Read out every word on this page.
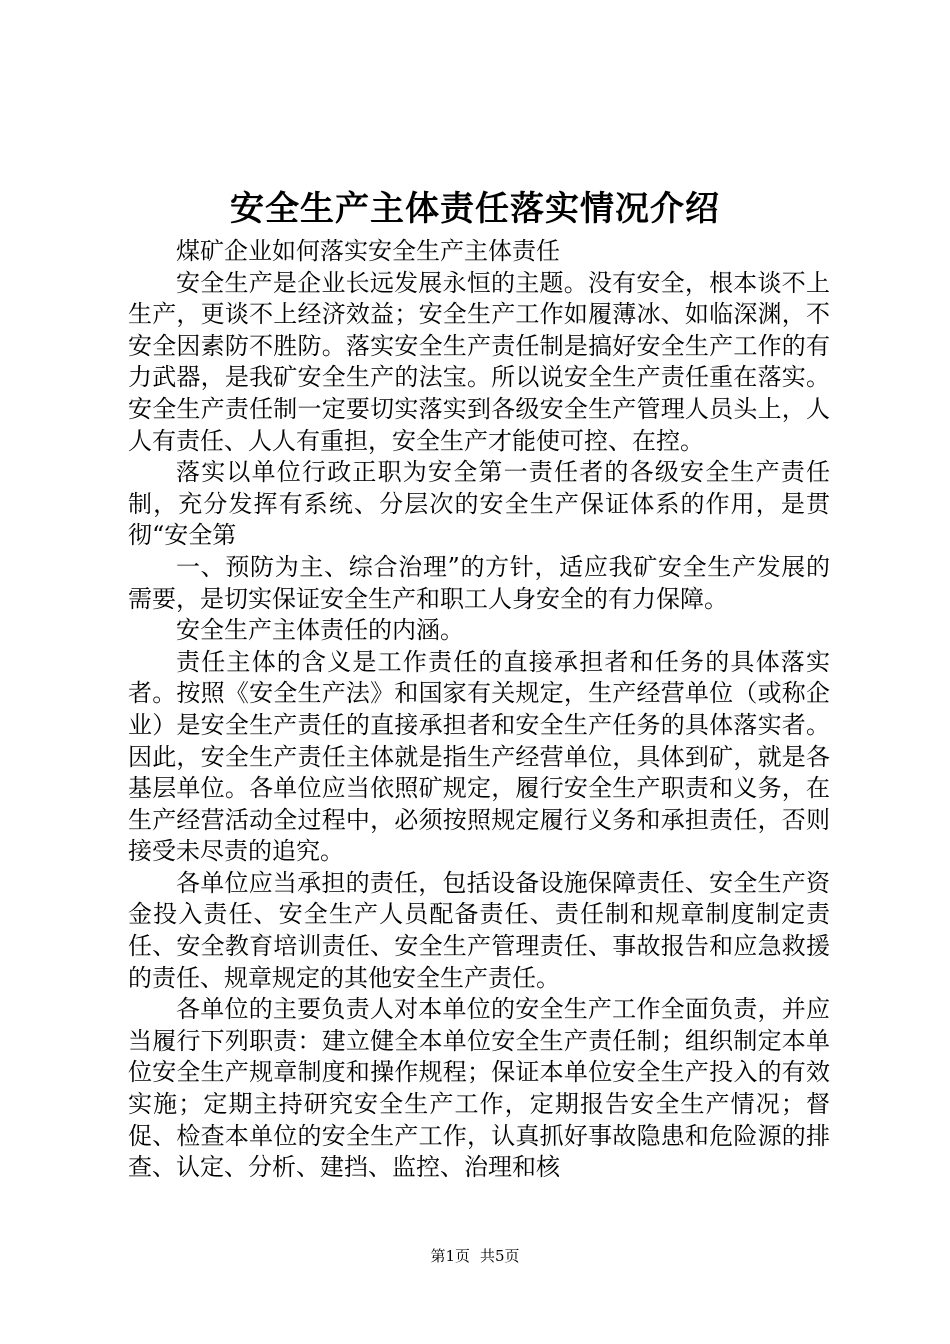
安全生产主体责任落实情况介绍

煤矿企业如何落实安全生产主体责任

安全生产是企业长远发展永恒的主题。没有安全，根本谈不上生产，更谈不上经济效益；安全生产工作如履薄冰、如临深渊，不安全因素防不胜防。落实安全生产责任制是搞好安全生产工作的有力武器，是我矿安全生产的法宝。所以说安全生产责任重在落实。安全生产责任制一定要切实落实到各级安全生产管理人员头上，人人有责任、人人有重担，安全生产才能使可控、在控。

落实以单位行政正职为安全第一责任者的各级安全生产责任制，充分发挥有系统、分层次的安全生产保证体系的作用，是贯彻“安全第

一、预防为主、综合治理”的方针，适应我矿安全生产发展的需要，是切实保证安全生产和职工人身安全的有力保障。

安全生产主体责任的内涵。

责任主体的含义是工作责任的直接承担者和任务的具体落实者。按照《安全生产法》和国家有关规定，生产经营单位（或称企业）是安全生产责任的直接承担者和安全生产任务的具体落实者。因此，安全生产责任主体就是指生产经营单位，具体到矿，就是各基层单位。各单位应当依照矿规定，履行安全生产职责和义务，在生产经营活动全过程中，必须按照规定履行义务和承担责任，否则接受未尽责的追究。

各单位应当承担的责任，包括设备设施保障责任、安全生产资金投入责任、安全生产人员配备责任、责任制和规章制度制定责任、安全教育培训责任、安全生产管理责任、事故报告和应急救援的责任、规章规定的其他安全生产责任。

各单位的主要负责人对本单位的安全生产工作全面负责，并应当履行下列职责：建立健全本单位安全生产责任制；组织制定本单位安全生产规章制度和操作规程；保证本单位安全生产投入的有效实施；定期主持研究安全生产工作，定期报告安全生产情况；督促、检查本单位的安全生产工作，认真抓好事故隐患和危险源的排查、认定、分析、建挡、监控、治理和核

第1页 共5页
